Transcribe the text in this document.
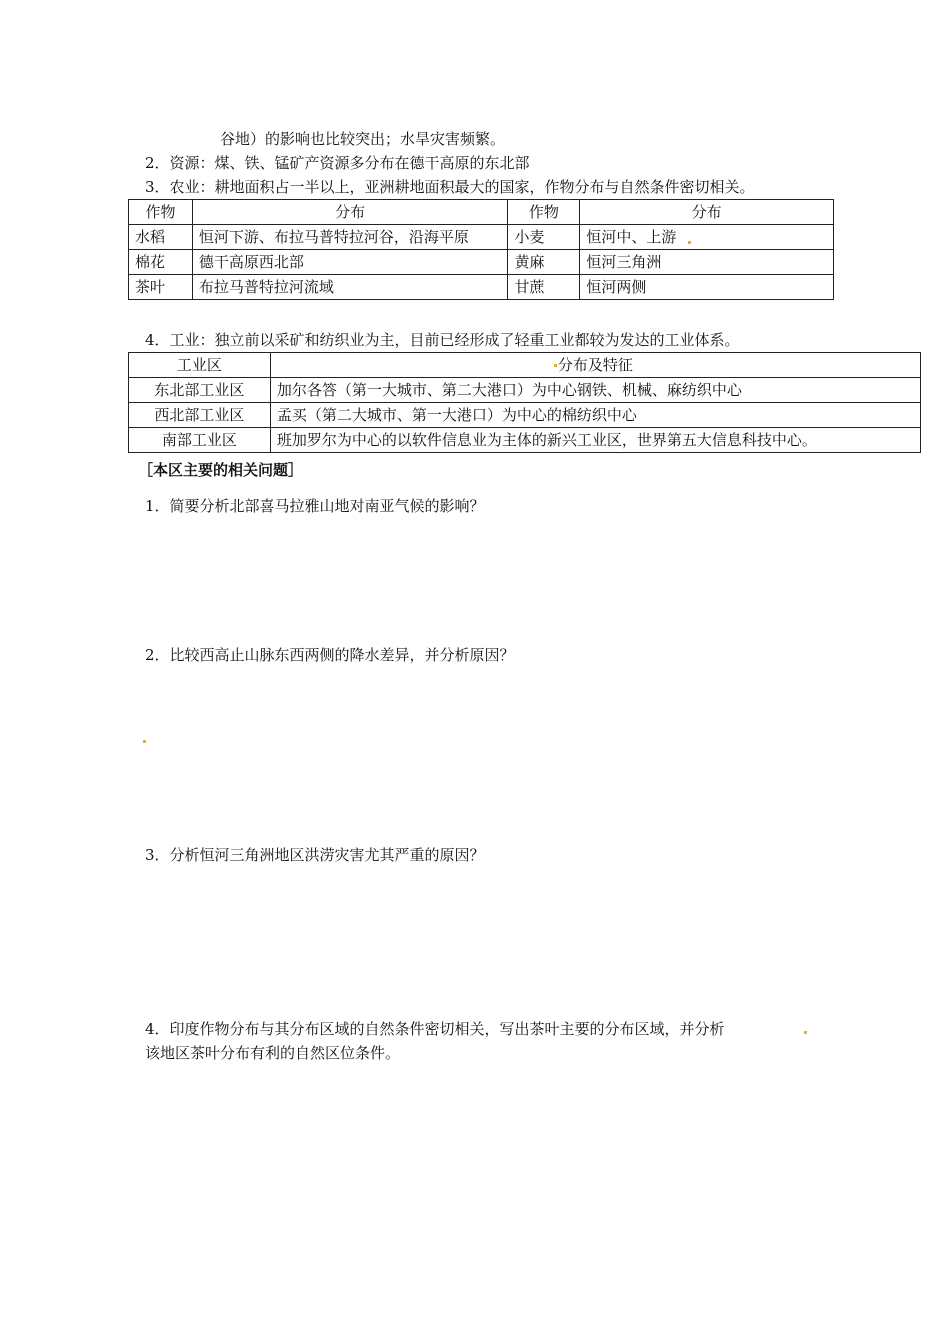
谷地）的影响也比较突出；水旱灾害频繁。
2．资源：煤、铁、锰矿产资源多分布在德干高原的东北部
3．农业：耕地面积占一半以上，亚洲耕地面积最大的国家，作物分布与自然条件密切相关。
作物	分布	作物	分布
水稻	恒河下游、布拉马普特拉河谷，沿海平原	小麦	恒河中、上游
棉花	德干高原西北部	黄麻	恒河三角洲
茶叶	布拉马普特拉河流域	甘蔗	恒河两侧
4．工业：独立前以采矿和纺织业为主，目前已经形成了轻重工业都较为发达的工业体系。
工业区	分布及特征
东北部工业区	加尔各答（第一大城市、第二大港口）为中心钢铁、机械、麻纺织中心
西北部工业区	孟买（第二大城市、第一大港口）为中心的棉纺织中心
南部工业区	班加罗尔为中心的以软件信息业为主体的新兴工业区，世界第五大信息科技中心。
［本区主要的相关问题］
1．简要分析北部喜马拉雅山地对南亚气候的影响？
2．比较西高止山脉东西两侧的降水差异，并分析原因？
3．分析恒河三角洲地区洪涝灾害尤其严重的原因？
4．印度作物分布与其分布区域的自然条件密切相关，写出茶叶主要的分布区域，并分析
该地区茶叶分布有利的自然区位条件。
